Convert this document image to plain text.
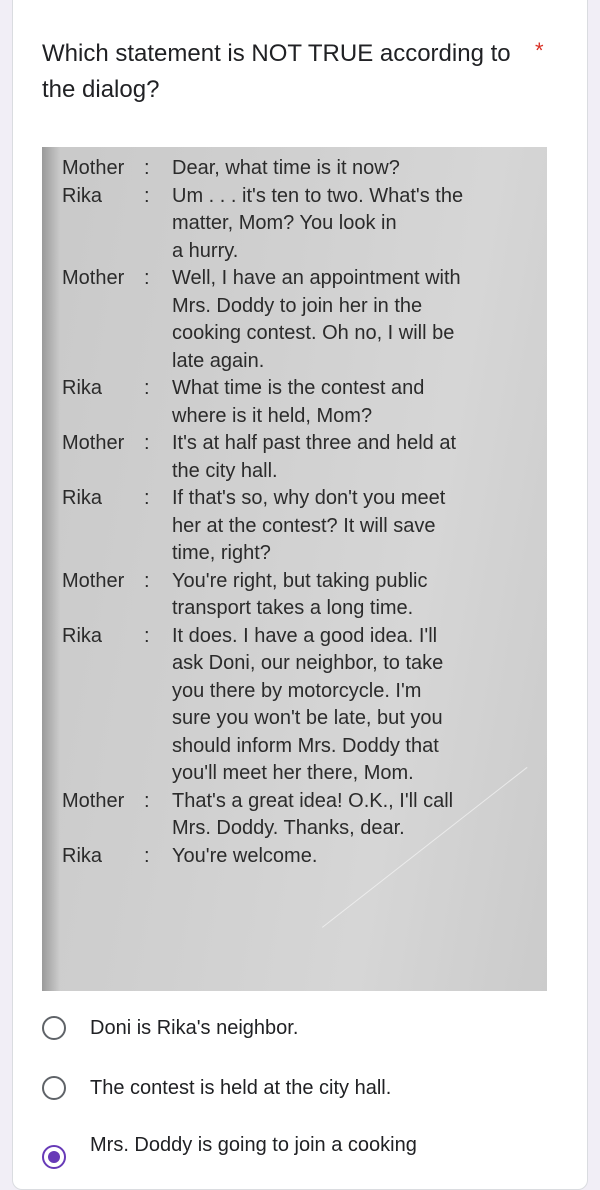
Which statement is NOT TRUE according to the dialog?
*
Mother : Dear, what time is it now?
Rika	: Um . . . it's ten to two. What's the
matter, Mom? You look in
a hurry.
Mother : Well, I have an appointment with
Mrs. Doddy to join her in the
cooking contest. Oh no, I will be
late again.
Rika	: What time is the contest and
where is it held, Mom?
Mother : It's at half past three and held at
the city hall.
Rika	: If that's so, why don't you meet
her at the contest? It will save
time, right?
Mother : You're right, but taking public
transport takes a long time.
Rika	: It does. I have a good idea. I'll
ask Doni, our neighbor, to take
you there by motorcycle. I'm
sure you won't be late, but you
should inform Mrs. Doddy that
you'll meet her there, Mom.
Mother : That's a great idea! O.K., I'll call
Mrs. Doddy. Thanks, dear.
Rika	: You're welcome.
Doni is Rika's neighbor.
The contest is held at the city hall.
Mrs. Doddy is going to join a cooking
